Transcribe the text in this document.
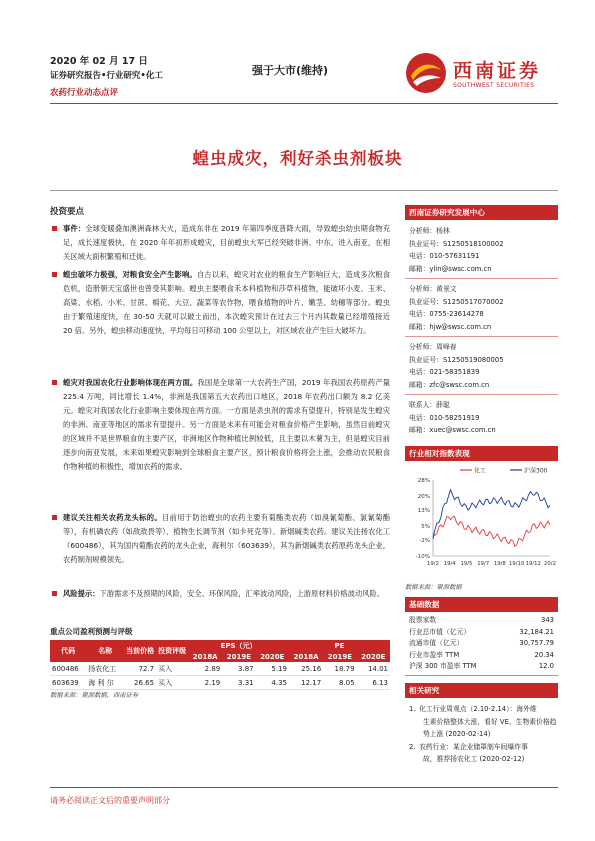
2020 年 02 月 17 日
证券研究报告•行业研究•化工
农药行业动态点评
强于大市(维持)	西南证券
SOUTHWEST SECURITIES
蝗虫成灾，利好杀虫剂板块
投资要点
事件：全球变暖叠加澳洲森林大火，造成东非在 2019 年第四季度普降大雨，导致蝗虫幼虫期食物充足，成长速度极快，在 2020 年年初形成蝗灾，目前蝗虫大军已经突破非洲、中东，进入南亚，在相关区域大面积繁殖和迁徙。
蝗虫破坏力极强，对粮食安全产生影响。自古以来，蝗灾对农业的粮食生产影响巨大，造成多次粮食危机，造册朝天宝盛世也曾受其影响。蝗虫主要喂食禾本科植物和莎草科植物，能破坏小麦、玉米、高粱、水稻、小米、甘蔗、棉花、大豆、蔬菜等农作物，喂食植物的叶片、嫩茎、幼穗等部分。蝗虫由于繁殖速度快，在 30-50 天就可以破土而出，本次蝗灾预计在过去三个月内其数量已经增殖接近 20 倍。另外，蝗虫移动速度快，平均每日可移动 100 公里以上，对区域农业产生巨大破坏力。
蝗灾对我国农化行业影响体现在两方面。我国是全球第一大农药生产国，2019 年我国农药原药产量 225.4 万吨，同比增长 1.4%，非洲是我国第五大农药出口地区，2018 年农药出口额为 8.2 亿美元。蝗灾对我国农化行业影响主要体现在两方面。一方面是杀虫剂的需求有望提升，特别是发生蝗灾的非洲、南亚等地区的需求有望提升。另一方面是未来有可能会对粮食价格产生影响，虽然目前蝗灾的区域并不是世界粮食的主要产区，非洲地区作物种植比例较低，且主要以木薯为主，但是蝗灾目前逐步向南亚发展，未来如果蝗灾影响到全球粮食主要产区，预计粮食价格将会上涨，会推动农民粮食作物种植的积极性，增加农药的需求。
建议关注相关农药龙头标的。目前用于防治蝗虫的农药主要有菊酯类农药（如溴氰菊酯、氯氰菊酯等），有机磷农药（如敌敌畏等）、植物生长调节剂（如卡死克等）、新烟碱类农药。建议关注扬农化工（600486），其为国内菊酯农药的龙头企业，海利尔（603639），其为新烟碱类农药原药龙头企业，农药制剂规模领先。
风险提示：下游需求不及预期的风险，安全、环保风险，汇率波动风险，上游原材料价格波动风险。
重点公司盈利预测与评级
代码	名称	当前价格	投资评级	EPS（元）			PE		
				2018A	2019E	2020E	2018A	2019E	2020E
600486	扬农化工	72.7	买入	2.89	3.87	5.19	25.16	18.79	14.01
603639	海 利 尔	26.65	买入	2.19	3.31	4.35	12.17	8.05	6.13
数据来源：聚源数据，西南证券
西南证券研究发展中心
分析师：杨林
执业证号：S1250518100002
电话：010-57631191
邮箱：ylin@swsc.com.cn
分析师：黄景文
执业证号：S1250517070002
电话：0755-23614278
邮箱：hjw@swsc.com.cn
分析师：周峰春
执业证号：S1250519080005
电话：021-58351839
邮箱：zfc@swsc.com.cn
联系人：薛聪
电话：010-58251919
邮箱：xuec@swsc.com.cn
行业相对指数表现
化工	沪深300
28%
20%
13%
5%
-2%
-10%
19/2 19/4 19/5 19/7 19/8 19/10 19/12 20/2
数据来源：聚源数据
基础数据
股票家数	343
行业总市值（亿元）	32,184.21
流通市值（亿元）	30,757.79
行业市盈率 TTM	20.34
沪深 300 市盈率 TTM	12.0
相关研究
1. 化工行业周观点（2.10-2.14）：海外维
生素价格整体大涨，看好 VE、生物素价格趋势上涨 (2020-02-14)
2. 农药行业：某企业储罩制车间爆炸事
故，推荐扬农化工 (2020-02-12)
请务必阅读正文后的重要声明部分
